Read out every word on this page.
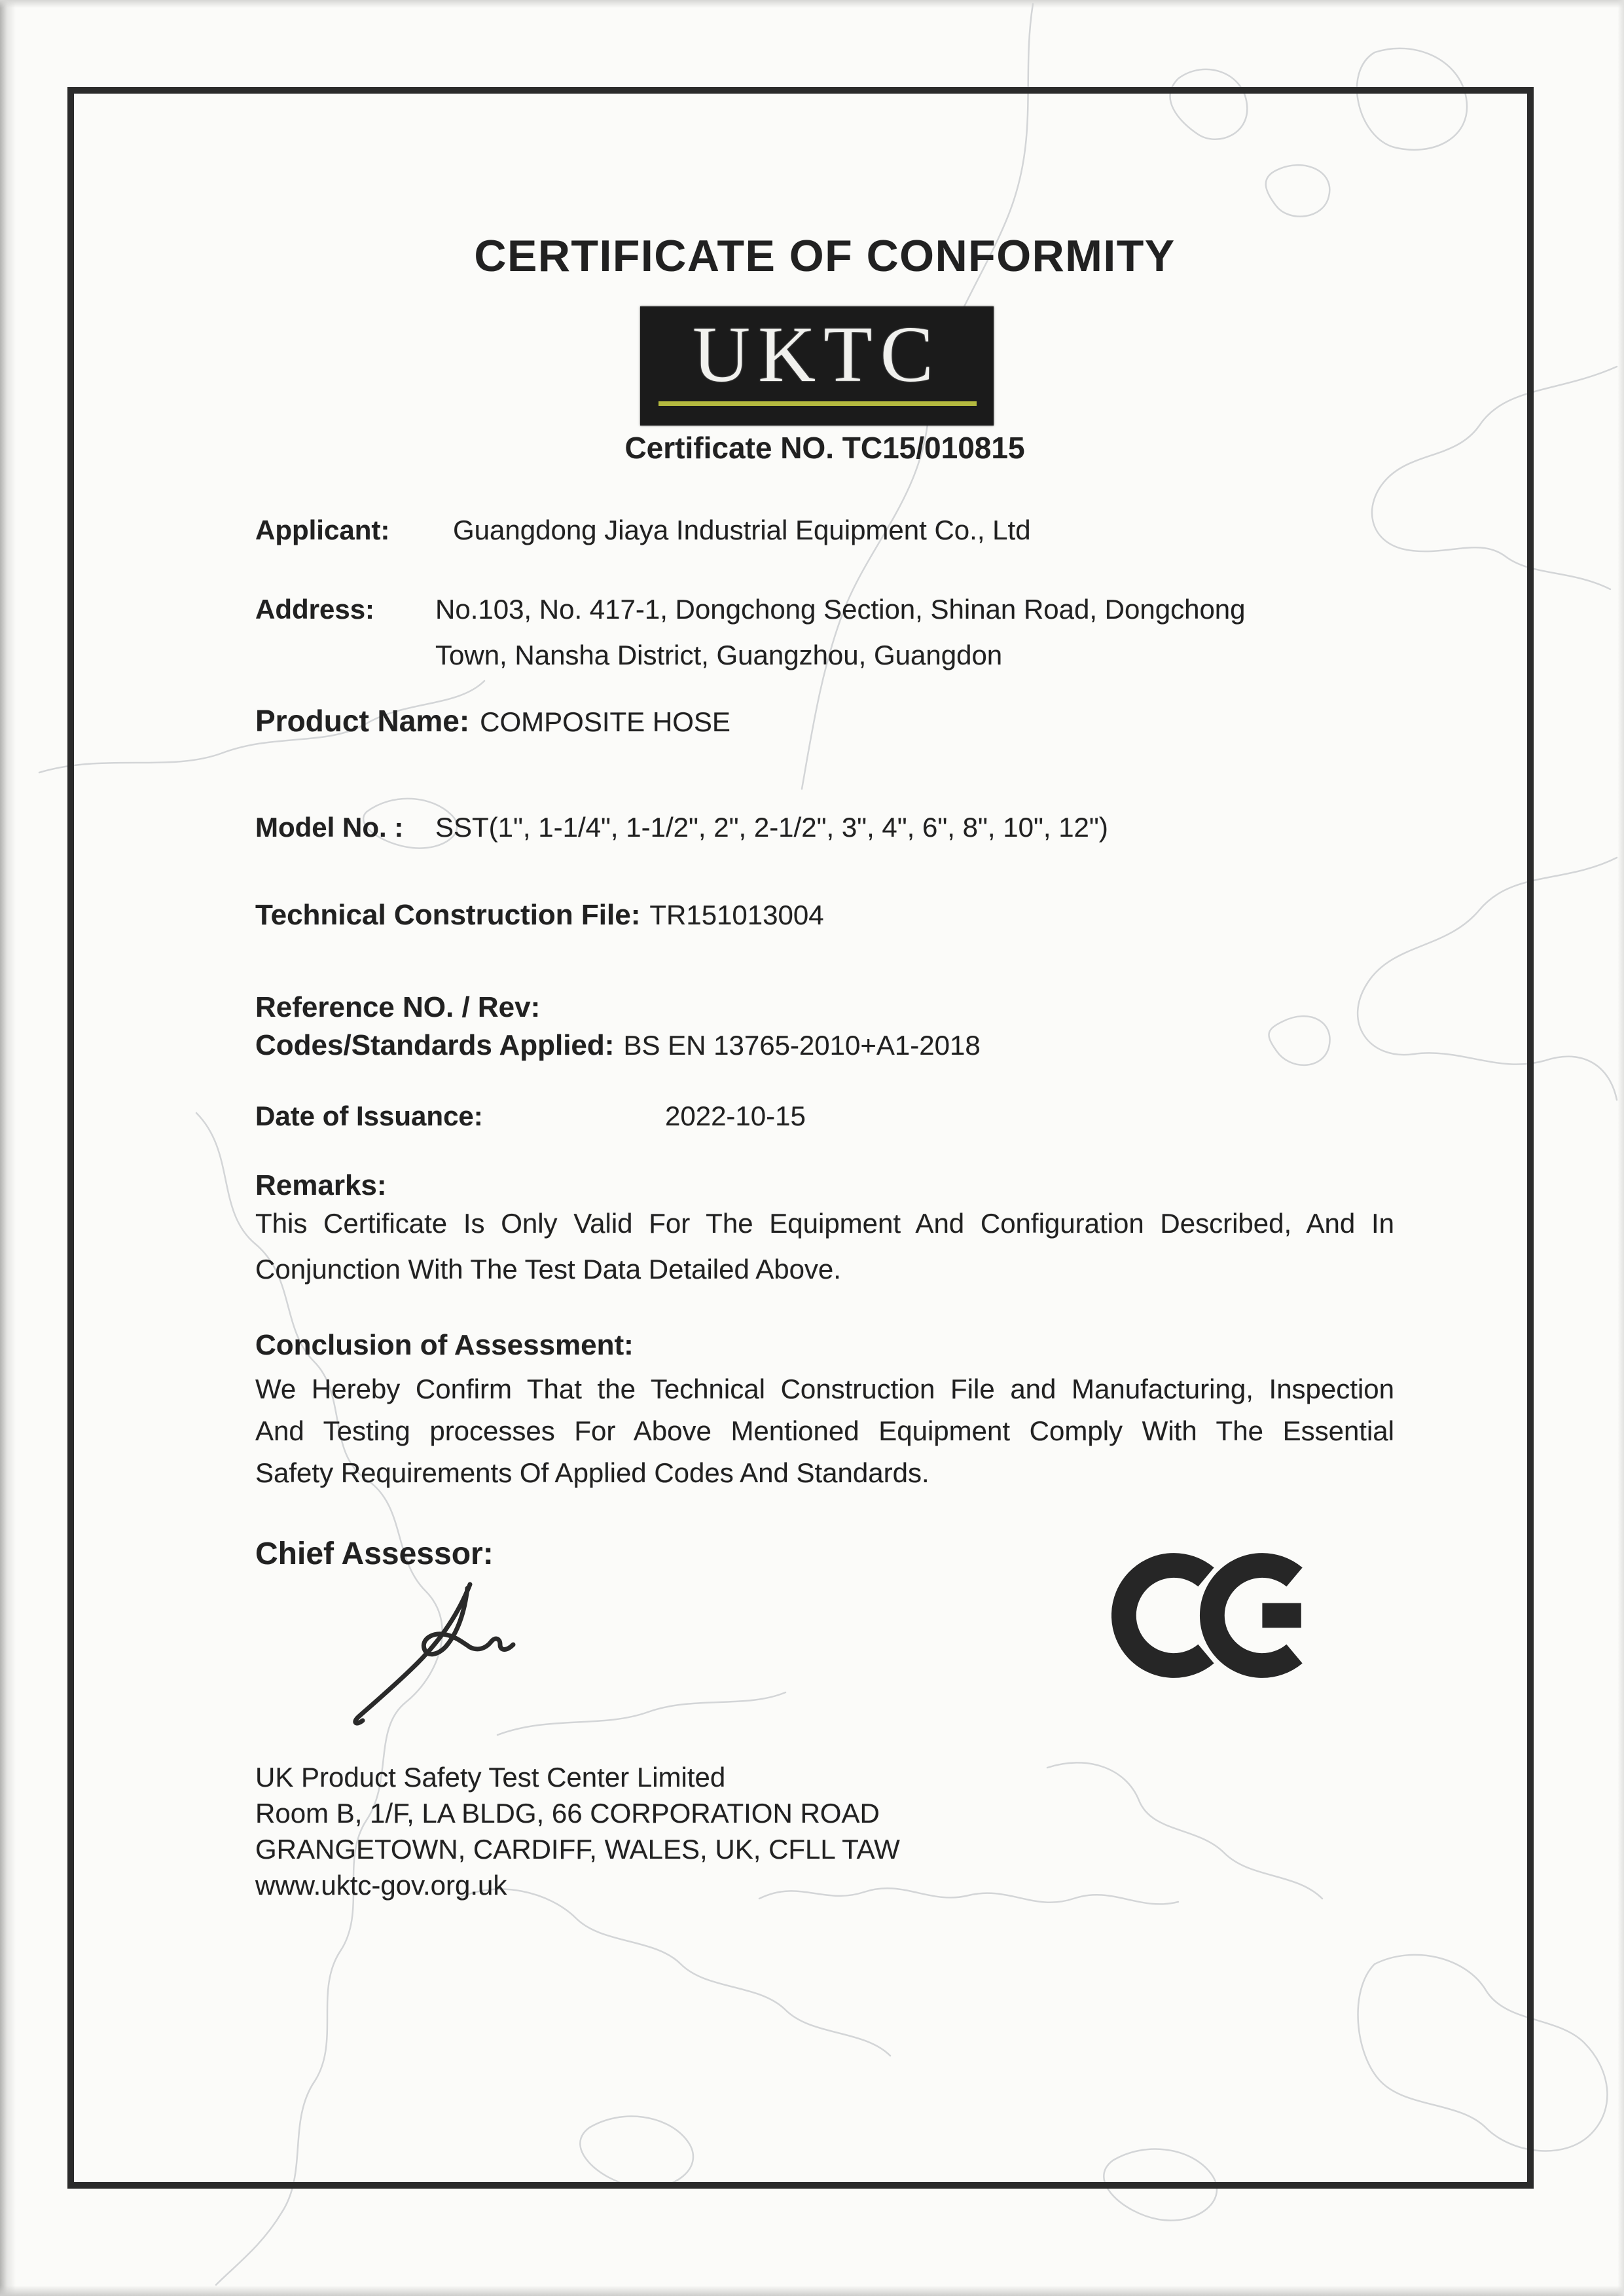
CERTIFICATE OF CONFORMITY
UKTC
Certificate NO. TC15/010815
Applicant: Guangdong Jiaya Industrial Equipment Co., Ltd
Address:	No.103, No. 417-1, Dongchong Section, Shinan Road, Dongchong
Town, Nansha District, Guangzhou, Guangdon
Product Name: COMPOSITE HOSE
Model No. : SST(1", 1-1/4", 1-1/2", 2", 2-1/2", 3", 4", 6", 8", 10", 12")
Technical Construction File: TR151013004
Reference NO. / Rev:
Codes/Standards Applied: BS EN 13765-2010+A1-2018
Date of Issuance:	2022-10-15
Remarks:
This Certificate Is Only Valid For The Equipment And Configuration Described, And In
Conjunction With The Test Data Detailed Above.
Conclusion of Assessment:
We Hereby Confirm That the Technical Construction File and Manufacturing, Inspection
And Testing processes For Above Mentioned Equipment Comply With The Essential
Safety Requirements Of Applied Codes And Standards.
Chief Assessor:
UK Product Safety Test Center Limited
Room B, 1/F, LA BLDG, 66 CORPORATION ROAD
GRANGETOWN, CARDIFF, WALES, UK, CFLL TAW
www.uktc-gov.org.uk
